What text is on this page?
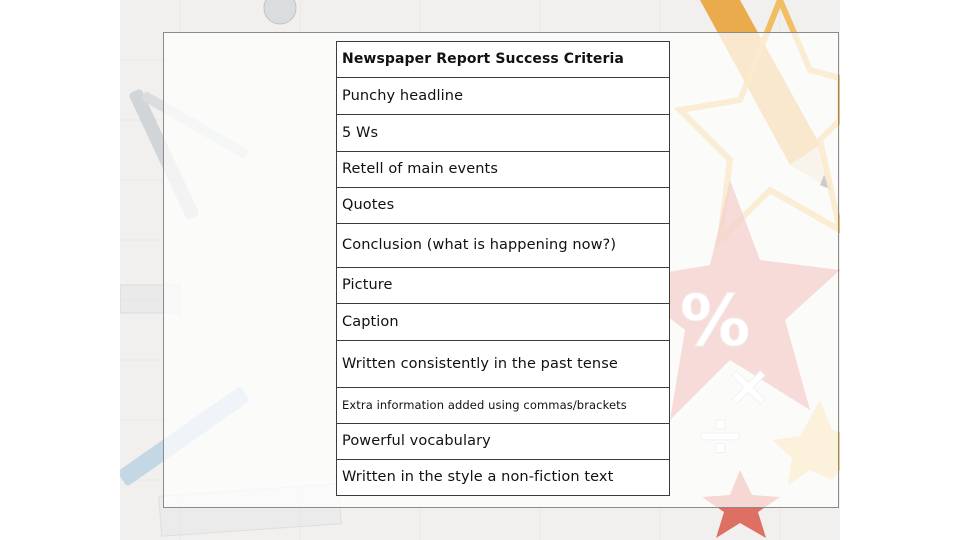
Newspaper Report Success Criteria
Punchy headline
5 Ws
Retell of main events
Quotes
Conclusion (what is happening now?)
Picture
Caption
Written consistently in the past tense
Extra information added using commas/brackets
Powerful vocabulary
Written in the style a non-fiction text
